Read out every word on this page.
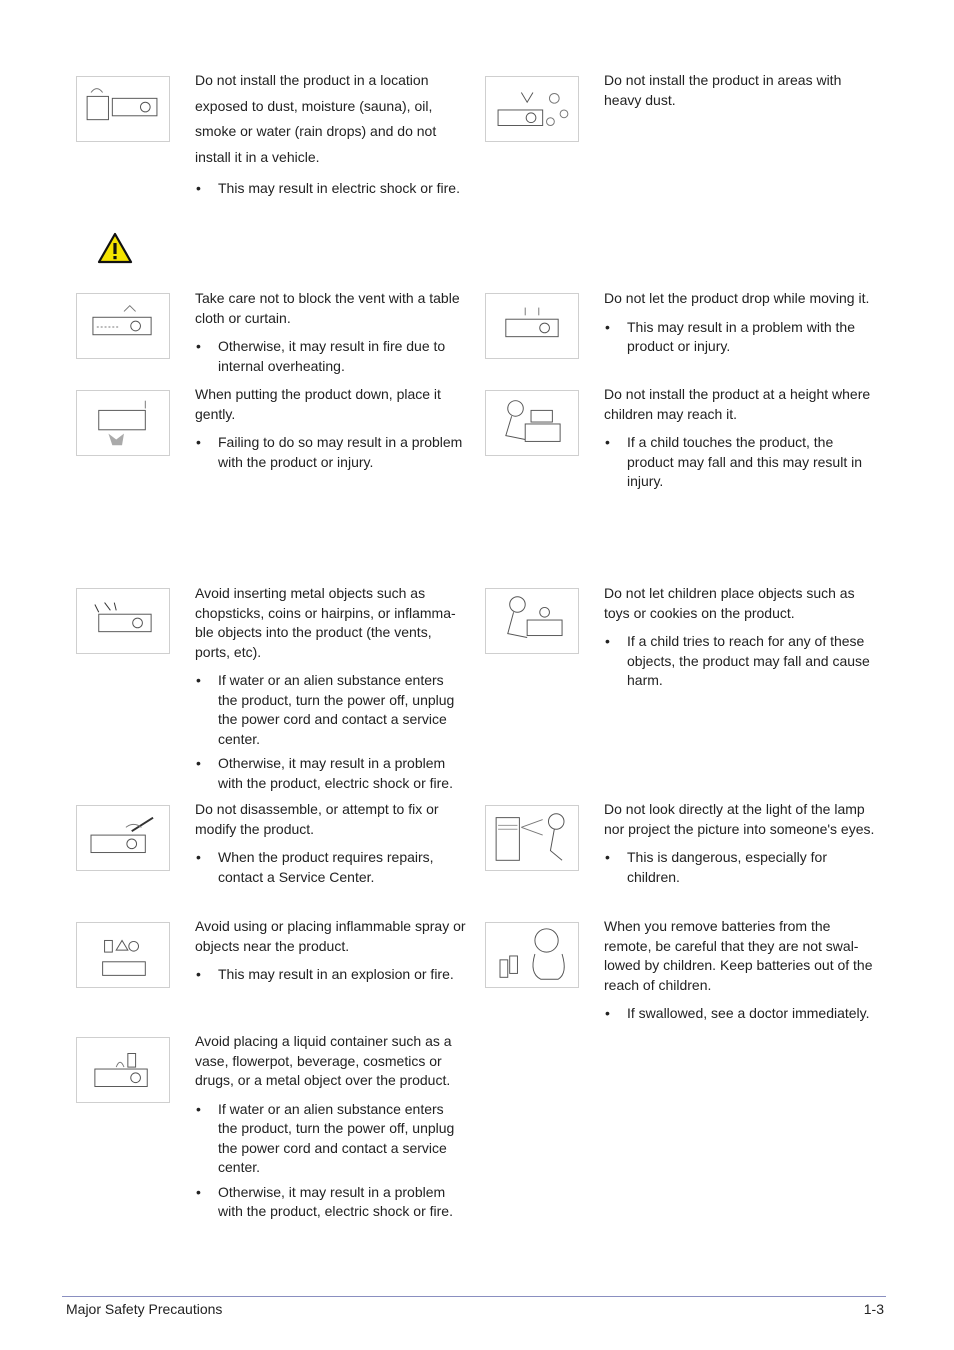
Do not install the product in a location exposed to dust, moisture (sauna), oil, smoke or water (rain drops) and do not install it in a vehicle.

• This may result in electric shock or fire.

Take care not to block the vent with a table cloth or curtain.

• Otherwise, it may result in fire due to internal overheating.

When putting the product down, place it gently.

• Failing to do so may result in a problem with the product or injury.

Avoid inserting metal objects such as chopsticks, coins or hairpins, or inflamma-ble objects into the product (the vents, ports, etc).

• If water or an alien substance enters the product, turn the power off, unplug the power cord and contact a service center.
• Otherwise, it may result in a problem with the product, electric shock or fire.

Do not disassemble, or attempt to fix or modify the product.

• When the product requires repairs, contact a Service Center.

Avoid using or placing inflammable spray or objects near the product.

• This may result in an explosion or fire.

Avoid placing a liquid container such as a vase, flowerpot, beverage, cosmetics or drugs, or a metal object over the product.

• If water or an alien substance enters the product, turn the power off, unplug the power cord and contact a service center.
• Otherwise, it may result in a problem with the product, electric shock or fire.

Do not install the product in areas with heavy dust.

Do not let the product drop while moving it.

• This may result in a problem with the product or injury.

Do not install the product at a height where children may reach it.

• If a child touches the product, the product may fall and this may result in injury.

Do not let children place objects such as toys or cookies on the product.

• If a child tries to reach for any of these objects, the product may fall and cause harm.

Do not look directly at the light of the lamp nor project the picture into someone's eyes.

• This is dangerous, especially for children.

When you remove batteries from the remote, be careful that they are not swal-lowed by children. Keep batteries out of the reach of children.

• If swallowed, see a doctor immediately.
Major Safety Precautions	1-3
